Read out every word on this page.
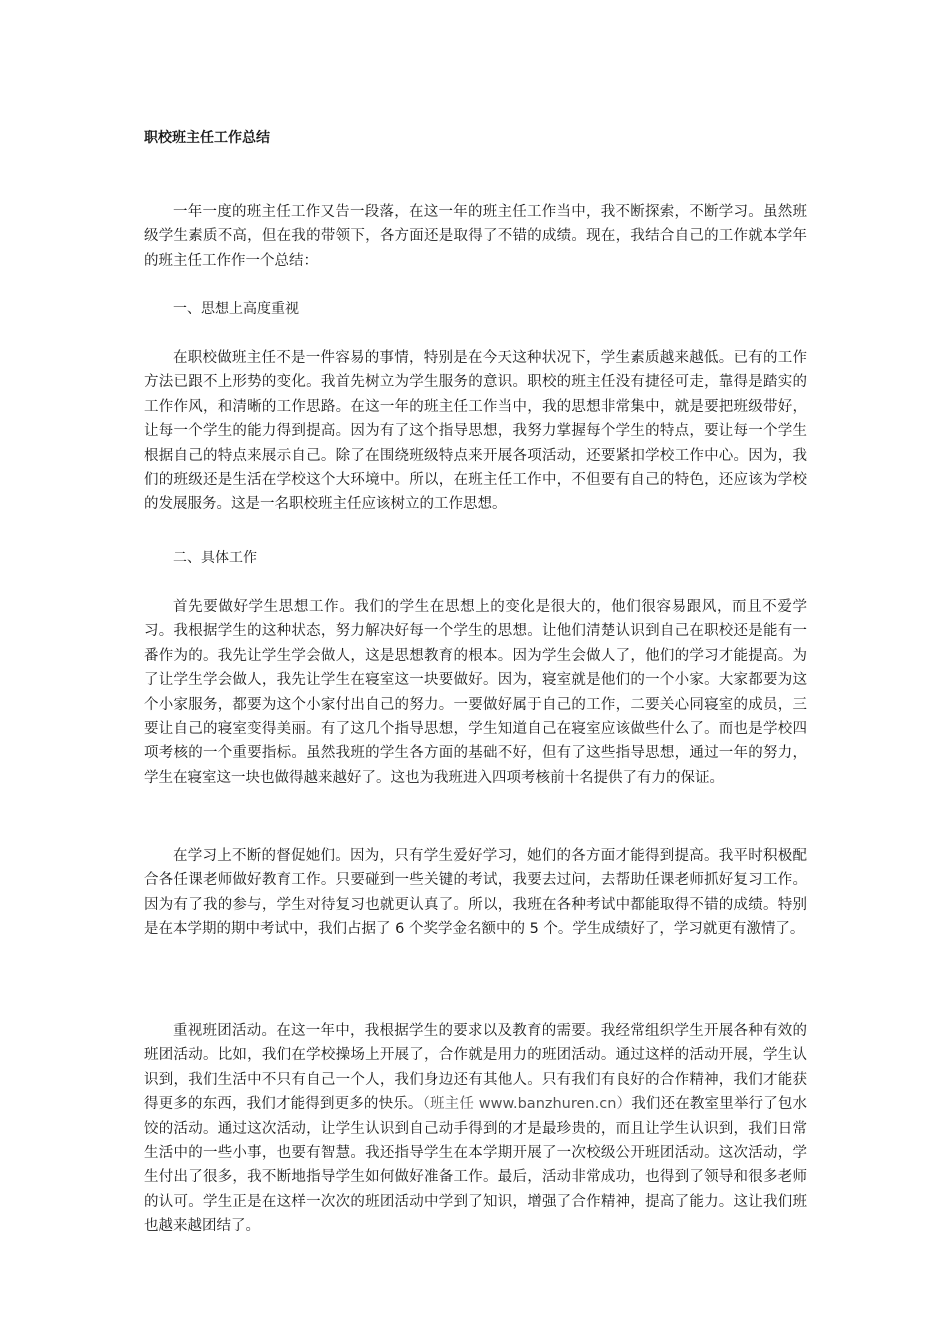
职校班主任工作总结

一年一度的班主任工作又告一段落，在这一年的班主任工作当中，我不断探索，不断学习。虽然班级学生素质不高，但在我的带领下，各方面还是取得了不错的成绩。现在，我结合自己的工作就本学年的班主任工作作一个总结：

一、思想上高度重视

在职校做班主任不是一件容易的事情，特别是在今天这种状况下，学生素质越来越低。已有的工作方法已跟不上形势的变化。我首先树立为学生服务的意识。职校的班主任没有捷径可走，靠得是踏实的工作作风，和清晰的工作思路。在这一年的班主任工作当中，我的思想非常集中，就是要把班级带好，让每一个学生的能力得到提高。因为有了这个指导思想，我努力掌握每个学生的特点，要让每一个学生根据自己的特点来展示自己。除了在围绕班级特点来开展各项活动，还要紧扣学校工作中心。因为，我们的班级还是生活在学校这个大环境中。所以，在班主任工作中，不但要有自己的特色，还应该为学校的发展服务。这是一名职校班主任应该树立的工作思想。

二、具体工作

首先要做好学生思想工作。我们的学生在思想上的变化是很大的，他们很容易跟风，而且不爱学习。我根据学生的这种状态，努力解决好每一个学生的思想。让他们清楚认识到自己在职校还是能有一番作为的。我先让学生学会做人，这是思想教育的根本。因为学生会做人了，他们的学习才能提高。为了让学生学会做人，我先让学生在寝室这一块要做好。因为，寝室就是他们的一个小家。大家都要为这个小家服务，都要为这个小家付出自己的努力。一要做好属于自己的工作，二要关心同寝室的成员，三要让自己的寝室变得美丽。有了这几个指导思想，学生知道自己在寝室应该做些什么了。而也是学校四项考核的一个重要指标。虽然我班的学生各方面的基础不好，但有了这些指导思想，通过一年的努力，学生在寝室这一块也做得越来越好了。这也为我班进入四项考核前十名提供了有力的保证。

在学习上不断的督促她们。因为，只有学生爱好学习，她们的各方面才能得到提高。我平时积极配合各任课老师做好教育工作。只要碰到一些关键的考试，我要去过问，去帮助任课老师抓好复习工作。因为有了我的参与，学生对待复习也就更认真了。所以，我班在各种考试中都能取得不错的成绩。特别是在本学期的期中考试中，我们占据了 6 个奖学金名额中的 5 个。学生成绩好了，学习就更有激情了。

重视班团活动。在这一年中，我根据学生的要求以及教育的需要。我经常组织学生开展各种有效的班团活动。比如，我们在学校操场上开展了，合作就是用力的班团活动。通过这样的活动开展，学生认识到，我们生活中不只有自己一个人，我们身边还有其他人。只有我们有良好的合作精神，我们才能获得更多的东西，我们才能得到更多的快乐。（班主任 www.banzhuren.cn）我们还在教室里举行了包水饺的活动。通过这次活动，让学生认识到自己动手得到的才是最珍贵的，而且让学生认识到，我们日常生活中的一些小事，也要有智慧。我还指导学生在本学期开展了一次校级公开班团活动。这次活动，学生付出了很多，我不断地指导学生如何做好准备工作。最后，活动非常成功，也得到了领导和很多老师的认可。学生正是在这样一次次的班团活动中学到了知识，增强了合作精神，提高了能力。这让我们班也越来越团结了。
